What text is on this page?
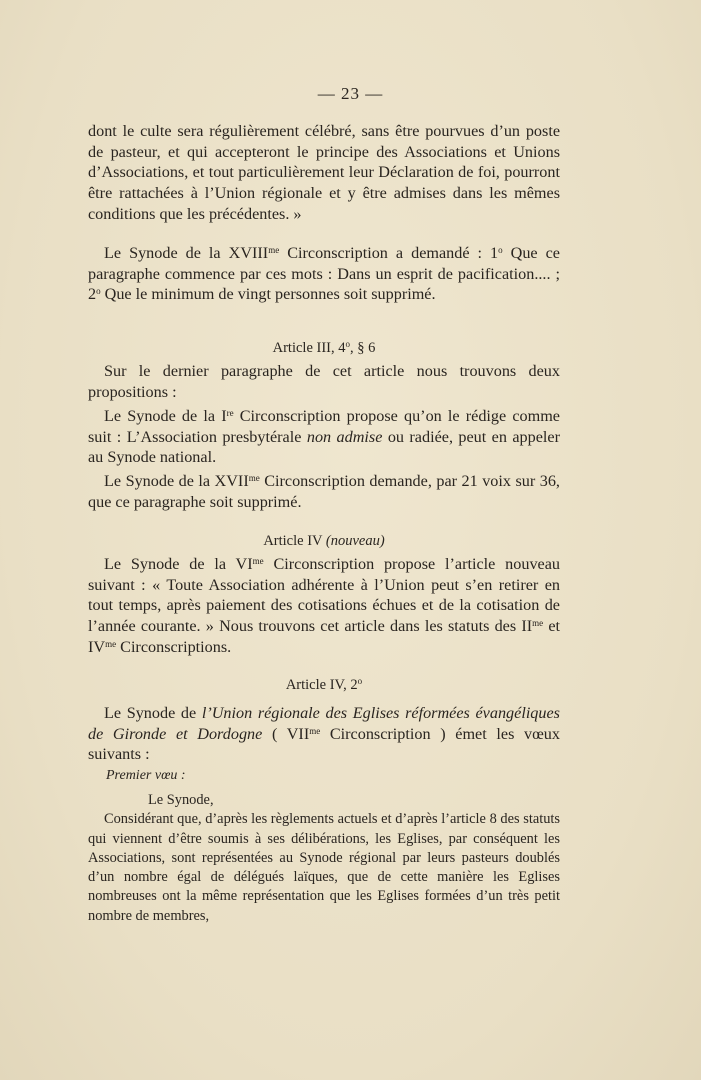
— 23 —

dont le culte sera régulièrement célébré, sans être pourvues d’un poste de pasteur, et qui accepteront le principe des Associations et Unions d’Associations, et tout particulièrement leur Déclaration de foi, pourront être rattachées à l’Union régionale et y être admises dans les mêmes conditions que les précédentes. »

Le Synode de la $XVIII^{me}$ Circonscription a demandé : 1$^o$ Que ce paragraphe commence par ces mots : Dans un esprit de pacification.... ; 2$^o$ Que le minimum de vingt personnes soit supprimé.

Article III, 4$^o$, § 6

Sur le dernier paragraphe de cet article nous trouvons deux propositions :

Le Synode de la Ire Circonscription propose qu’on le rédige comme suit : L’Association presbytérale non admise ou radiée, peut en appeler au Synode national.

Le Synode de la $XVII^{me}$ Circonscription demande, par 21 voix sur 36, que ce paragraphe soit supprimé.

Article IV (nouveau)

Le Synode de la $VI^{me}$ Circonscription propose l’article nouveau suivant : « Toute Association adhérente à l’Union peut s’en retirer en tout temps, après paiement des cotisations échues et de la cotisation de l’année courante. » Nous trouvons cet article dans les statuts des $II^{me}$ et $IV^{me}$ Circonscriptions.

Article IV, 2$^o$

Le Synode de l’Union régionale des Eglises réformées évangéliques de Gironde et Dordogne ( $VII^{me}$ Circonscription ) émet les vœux suivants :

Premier vœu :

Le Synode,

Considérant que, d’après les règlements actuels et d’après l’article 8 des statuts qui viennent d’être soumis à ses délibérations, les Eglises, par conséquent les Associations, sont représentées au Synode régional par leurs pasteurs doublés d’un nombre égal de délégués laïques, que de cette manière les Eglises nombreuses ont la même représentation que les Eglises formées d’un très petit nombre de membres,
